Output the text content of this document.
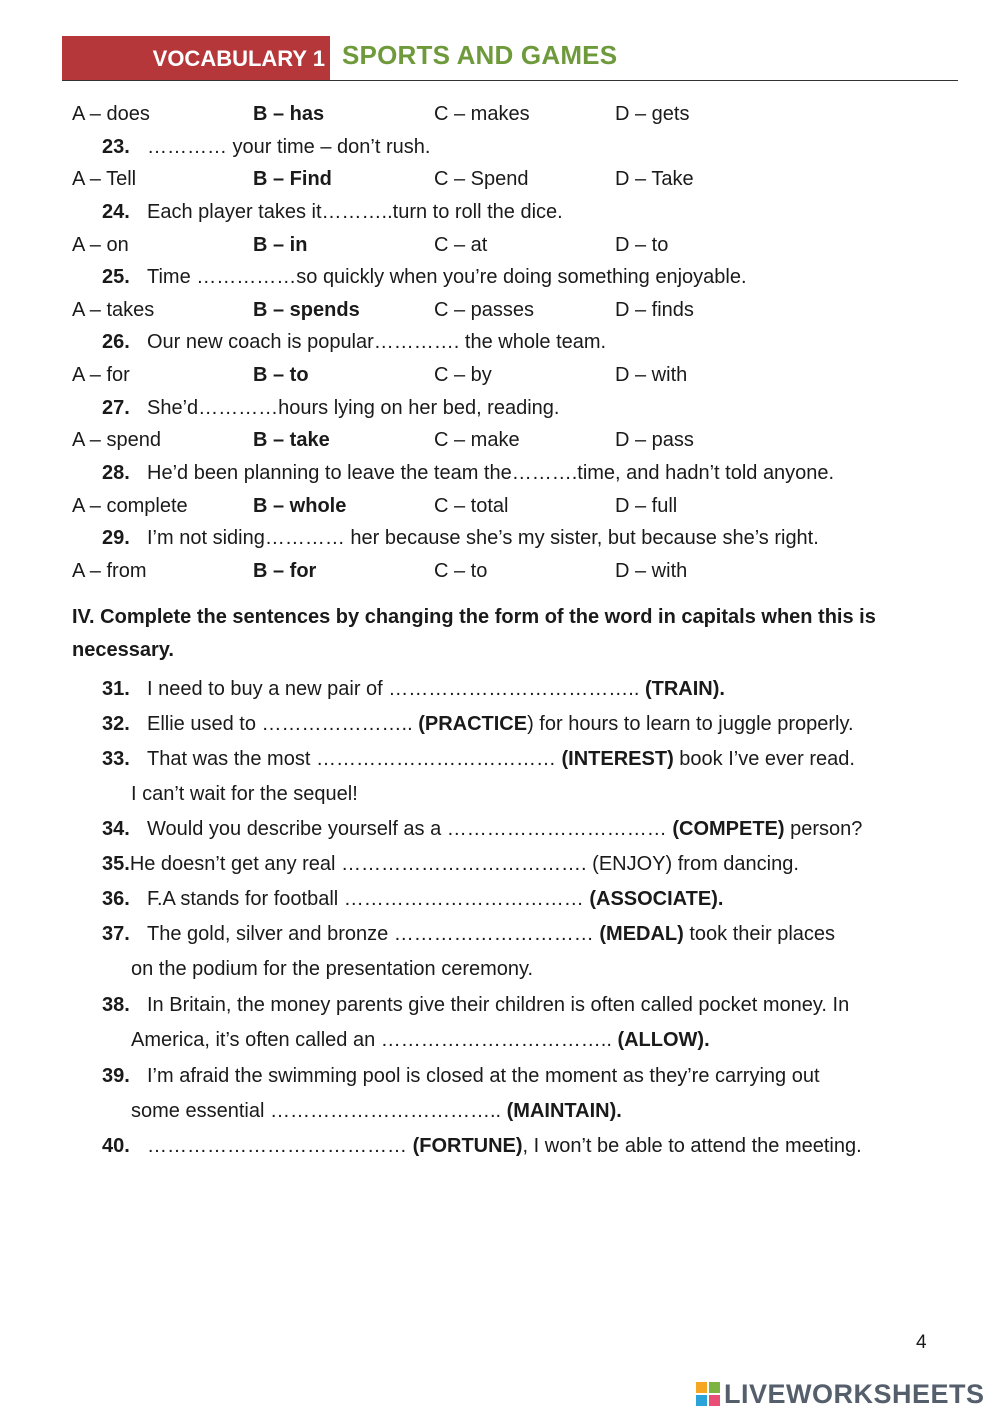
VOCABULARY 1 SPORTS AND GAMES
A – does	B – has	C – makes	D – gets
23. ………… your time – don’t rush.
A – Tell	B – Find	C – Spend	D – Take
24. Each player takes it………..turn to roll the dice.
A – on	B – in	C – at	D – to
25. Time ……………so quickly when you’re doing something enjoyable.
A – takes	B – spends	C – passes	D – finds
26. Our new coach is popular…………. the whole team.
A – for	B – to	C – by	D – with
27. She’d…………hours lying on her bed, reading.
A – spend	B – take	C – make	D – pass
28. He’d been planning to leave the team the……….time, and hadn’t told anyone.
A – complete	B – whole	C – total	D – full
29. I’m not siding………… her because she’s my sister, but because she’s right.
A – from	B – for	C – to	D – with
IV. Complete the sentences by changing the form of the word in capitals when this is necessary.
31. I need to buy a new pair of ……………………………….. (TRAIN).
32. Ellie used to ………………….. (PRACTICE) for hours to learn to juggle properly.
33. That was the most ……………………………… (INTEREST) book I’ve ever read.
I can’t wait for the sequel!
34. Would you describe yourself as a …………………………… (COMPETE) person?
35.He doesn’t get any real ………………………………. (ENJOY) from dancing.
36. F.A stands for football ……………………………… (ASSOCIATE).
37. The gold, silver and bronze ………………………… (MEDAL) took their places
on the podium for the presentation ceremony.
38. In Britain, the money parents give their children is often called pocket money. In
America, it’s often called an …………………………….. (ALLOW).
39. I’m afraid the swimming pool is closed at the moment as they’re carrying out
some essential …………………………….. (MAINTAIN).
40. ………………………………… (FORTUNE), I won’t be able to attend the meeting.
4
LIVEWORKSHEETS
